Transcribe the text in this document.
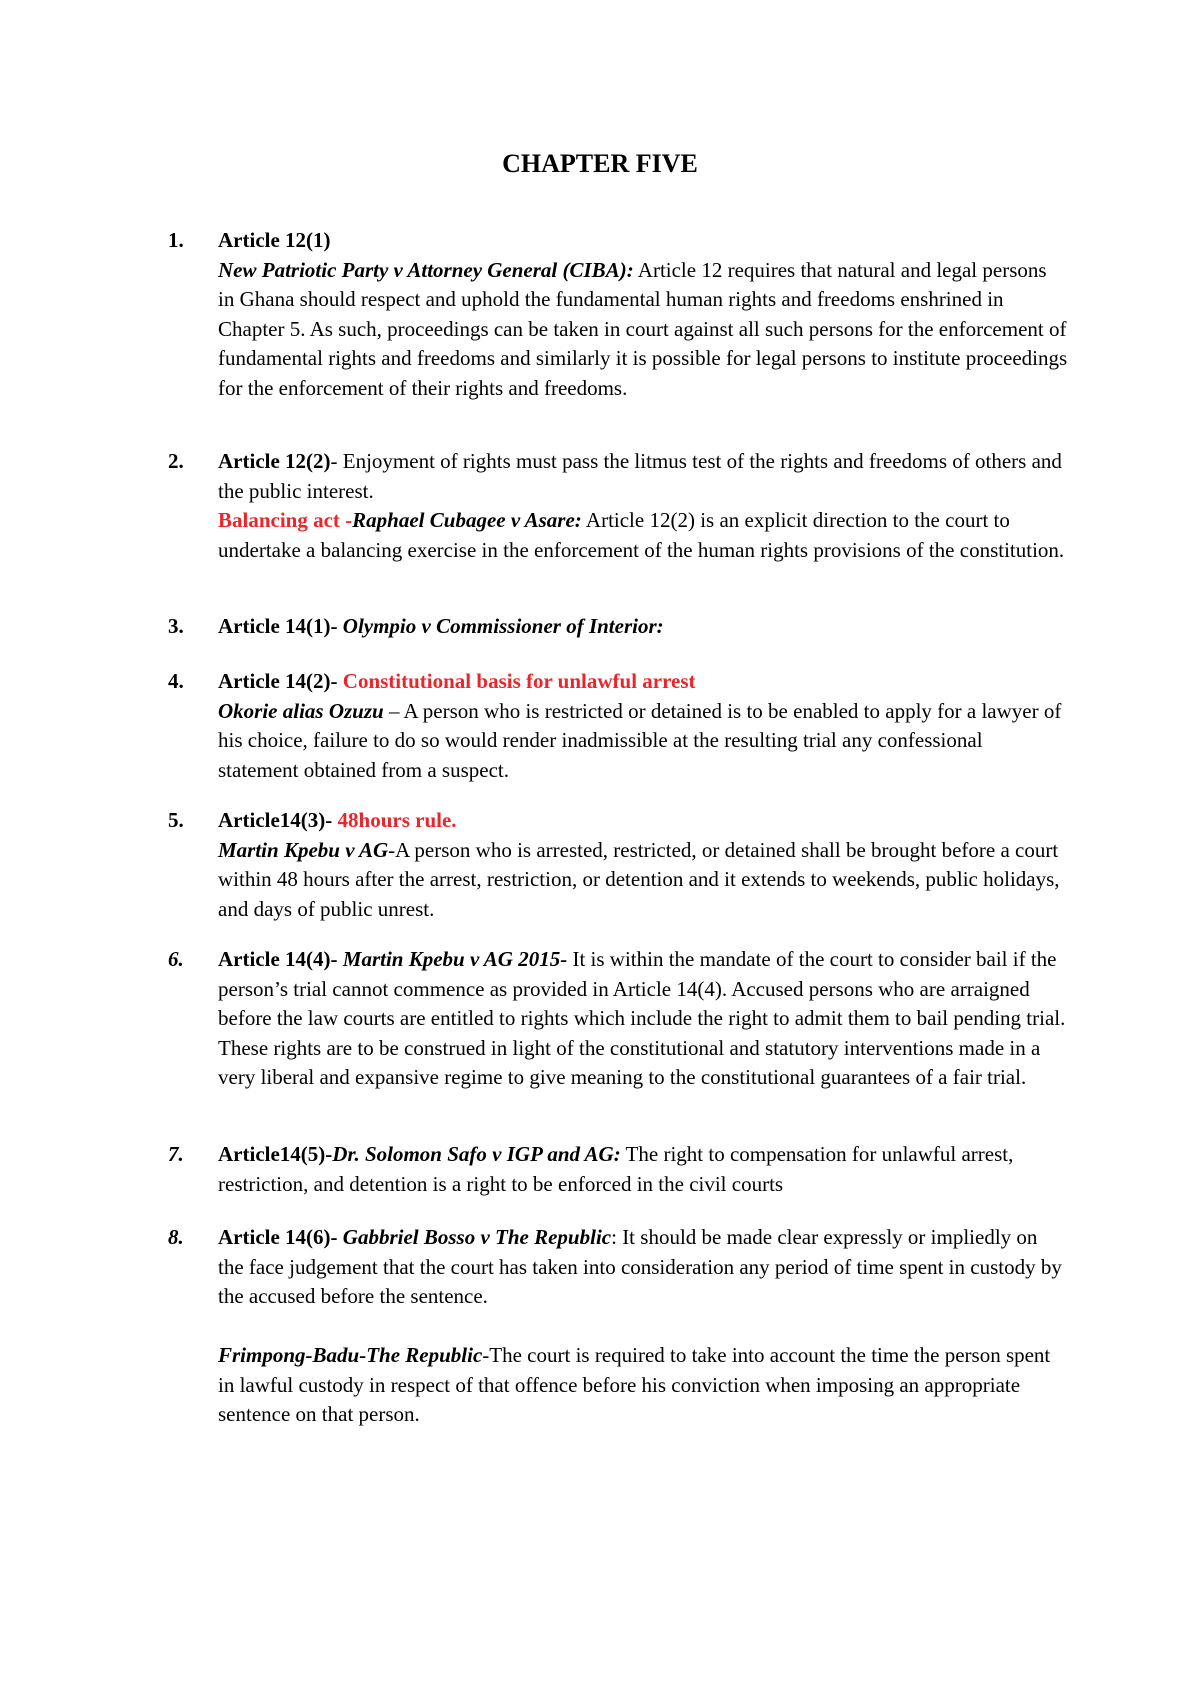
CHAPTER FIVE
1.	Article 12(1)
New Patriotic Party v Attorney General (CIBA): Article 12 requires that natural and legal persons in Ghana should respect and uphold the fundamental human rights and freedoms enshrined in Chapter 5. As such, proceedings can be taken in court against all such persons for the enforcement of fundamental rights and freedoms and similarly it is possible for legal persons to institute proceedings for the enforcement of their rights and freedoms.

2.	Article 12(2)- Enjoyment of rights must pass the litmus test of the rights and freedoms of others and the public interest.
Balancing act -Raphael Cubagee v Asare: Article 12(2) is an explicit direction to the court to undertake a balancing exercise in the enforcement of the human rights provisions of the constitution.

3.	Article 14(1)- Olympio v Commissioner of Interior:

4.	Article 14(2)- Constitutional basis for unlawful arrest
Okorie alias Ozuzu – A person who is restricted or detained is to be enabled to apply for a lawyer of his choice, failure to do so would render inadmissible at the resulting trial any confessional statement obtained from a suspect.

5.	Article14(3)- 48hours rule.
Martin Kpebu v AG-A person who is arrested, restricted, or detained shall be brought before a court within 48 hours after the arrest, restriction, or detention and it extends to weekends, public holidays, and days of public unrest.

6.	Article 14(4)- Martin Kpebu v AG 2015- It is within the mandate of the court to consider bail if the person’s trial cannot commence as provided in Article 14(4). Accused persons who are arraigned before the law courts are entitled to rights which include the right to admit them to bail pending trial. These rights are to be construed in light of the constitutional and statutory interventions made in a very liberal and expansive regime to give meaning to the constitutional guarantees of a fair trial.

7.	Article14(5)-Dr. Solomon Safo v IGP and AG: The right to compensation for unlawful arrest, restriction, and detention is a right to be enforced in the civil courts

8.	Article 14(6)- Gabbriel Bosso v The Republic: It should be made clear expressly or impliedly on the face judgement that the court has taken into consideration any period of time spent in custody by the accused before the sentence.

Frimpong-Badu-The Republic-The court is required to take into account the time the person spent in lawful custody in respect of that offence before his conviction when imposing an appropriate sentence on that person.
